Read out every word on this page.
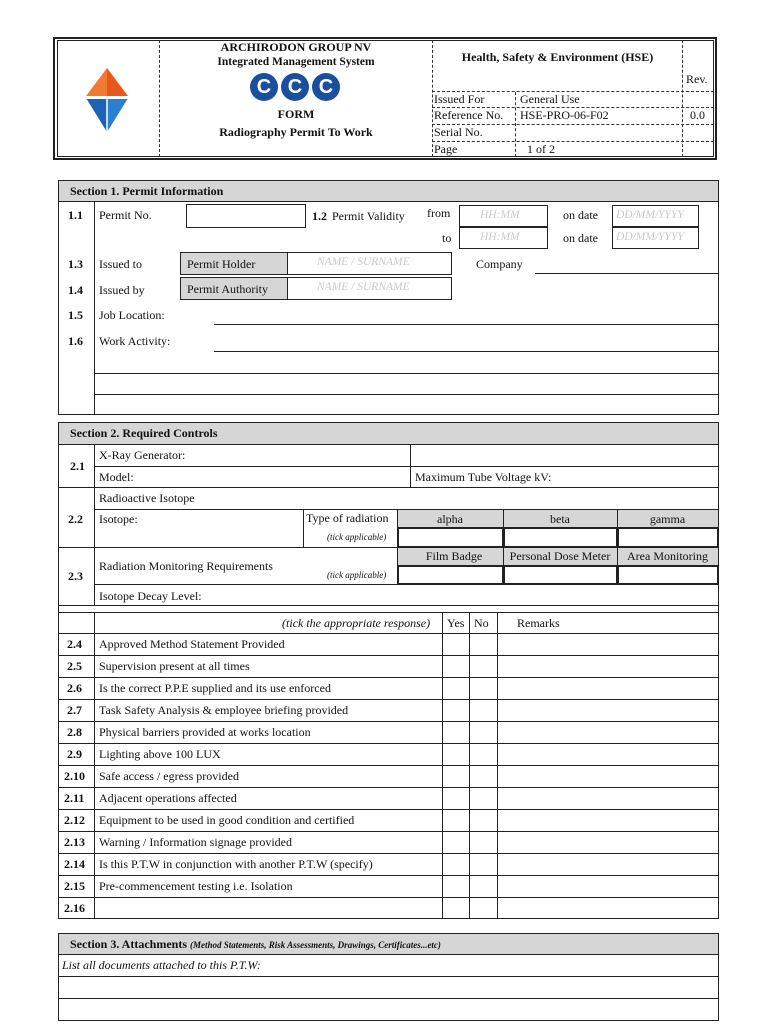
ARCHIRODON GROUP NV
Integrated Management System
C C C
FORM
Radiography Permit To Work
Health, Safety & Environment (HSE)
Rev.
Issued For	General Use
Reference No. HSE-PRO-06-F02	0.0
Serial No.
Page	1 of 2
Section 1. Permit Information
1.1 Permit No.	1.2 Permit Validity from	HH:MM	on date DD/MM/YYYY
to HH:MM	on date DD/MM/YYYY
1.3 Issued to	Permit Holder	NAME / SURNAME	Company
1.4 Issued by	Permit Authority	NAME / SURNAME
1.5 Job Location:
1.6 Work Activity:
Section 2. Required Controls
2.1
X-Ray Generator:
Model:	Maximum Tube Voltage kV:
2.2
Radioactive Isotope
Isotope:	Type of radiation
(tick applicable)
alpha	beta	gamma
2.3
Radiation Monitoring Requirements
(tick applicable)
Film Badge	Personal Dose Meter	Area Monitoring
Isotope Decay Level:
(tick the appropriate response) Yes No Remarks
2.4 Approved Method Statement Provided
2.5 Supervision present at all times
2.6 Is the correct P.P.E supplied and its use enforced
2.7 Task Safety Analysis & employee briefing provided
2.8 Physical barriers provided at works location
2.9 Lighting above 100 LUX
2.10 Safe access / egress provided
2.11 Adjacent operations affected
2.12 Equipment to be used in good condition and certified
2.13 Warning / Information signage provided
2.14 Is this P.T.W in conjunction with another P.T.W (specify)
2.15 Pre-commencement testing i.e. Isolation
2.16
Section 3. Attachments (Method Statements, Risk Assessments, Drawings, Certificates...etc)
List all documents attached to this P.T.W:
